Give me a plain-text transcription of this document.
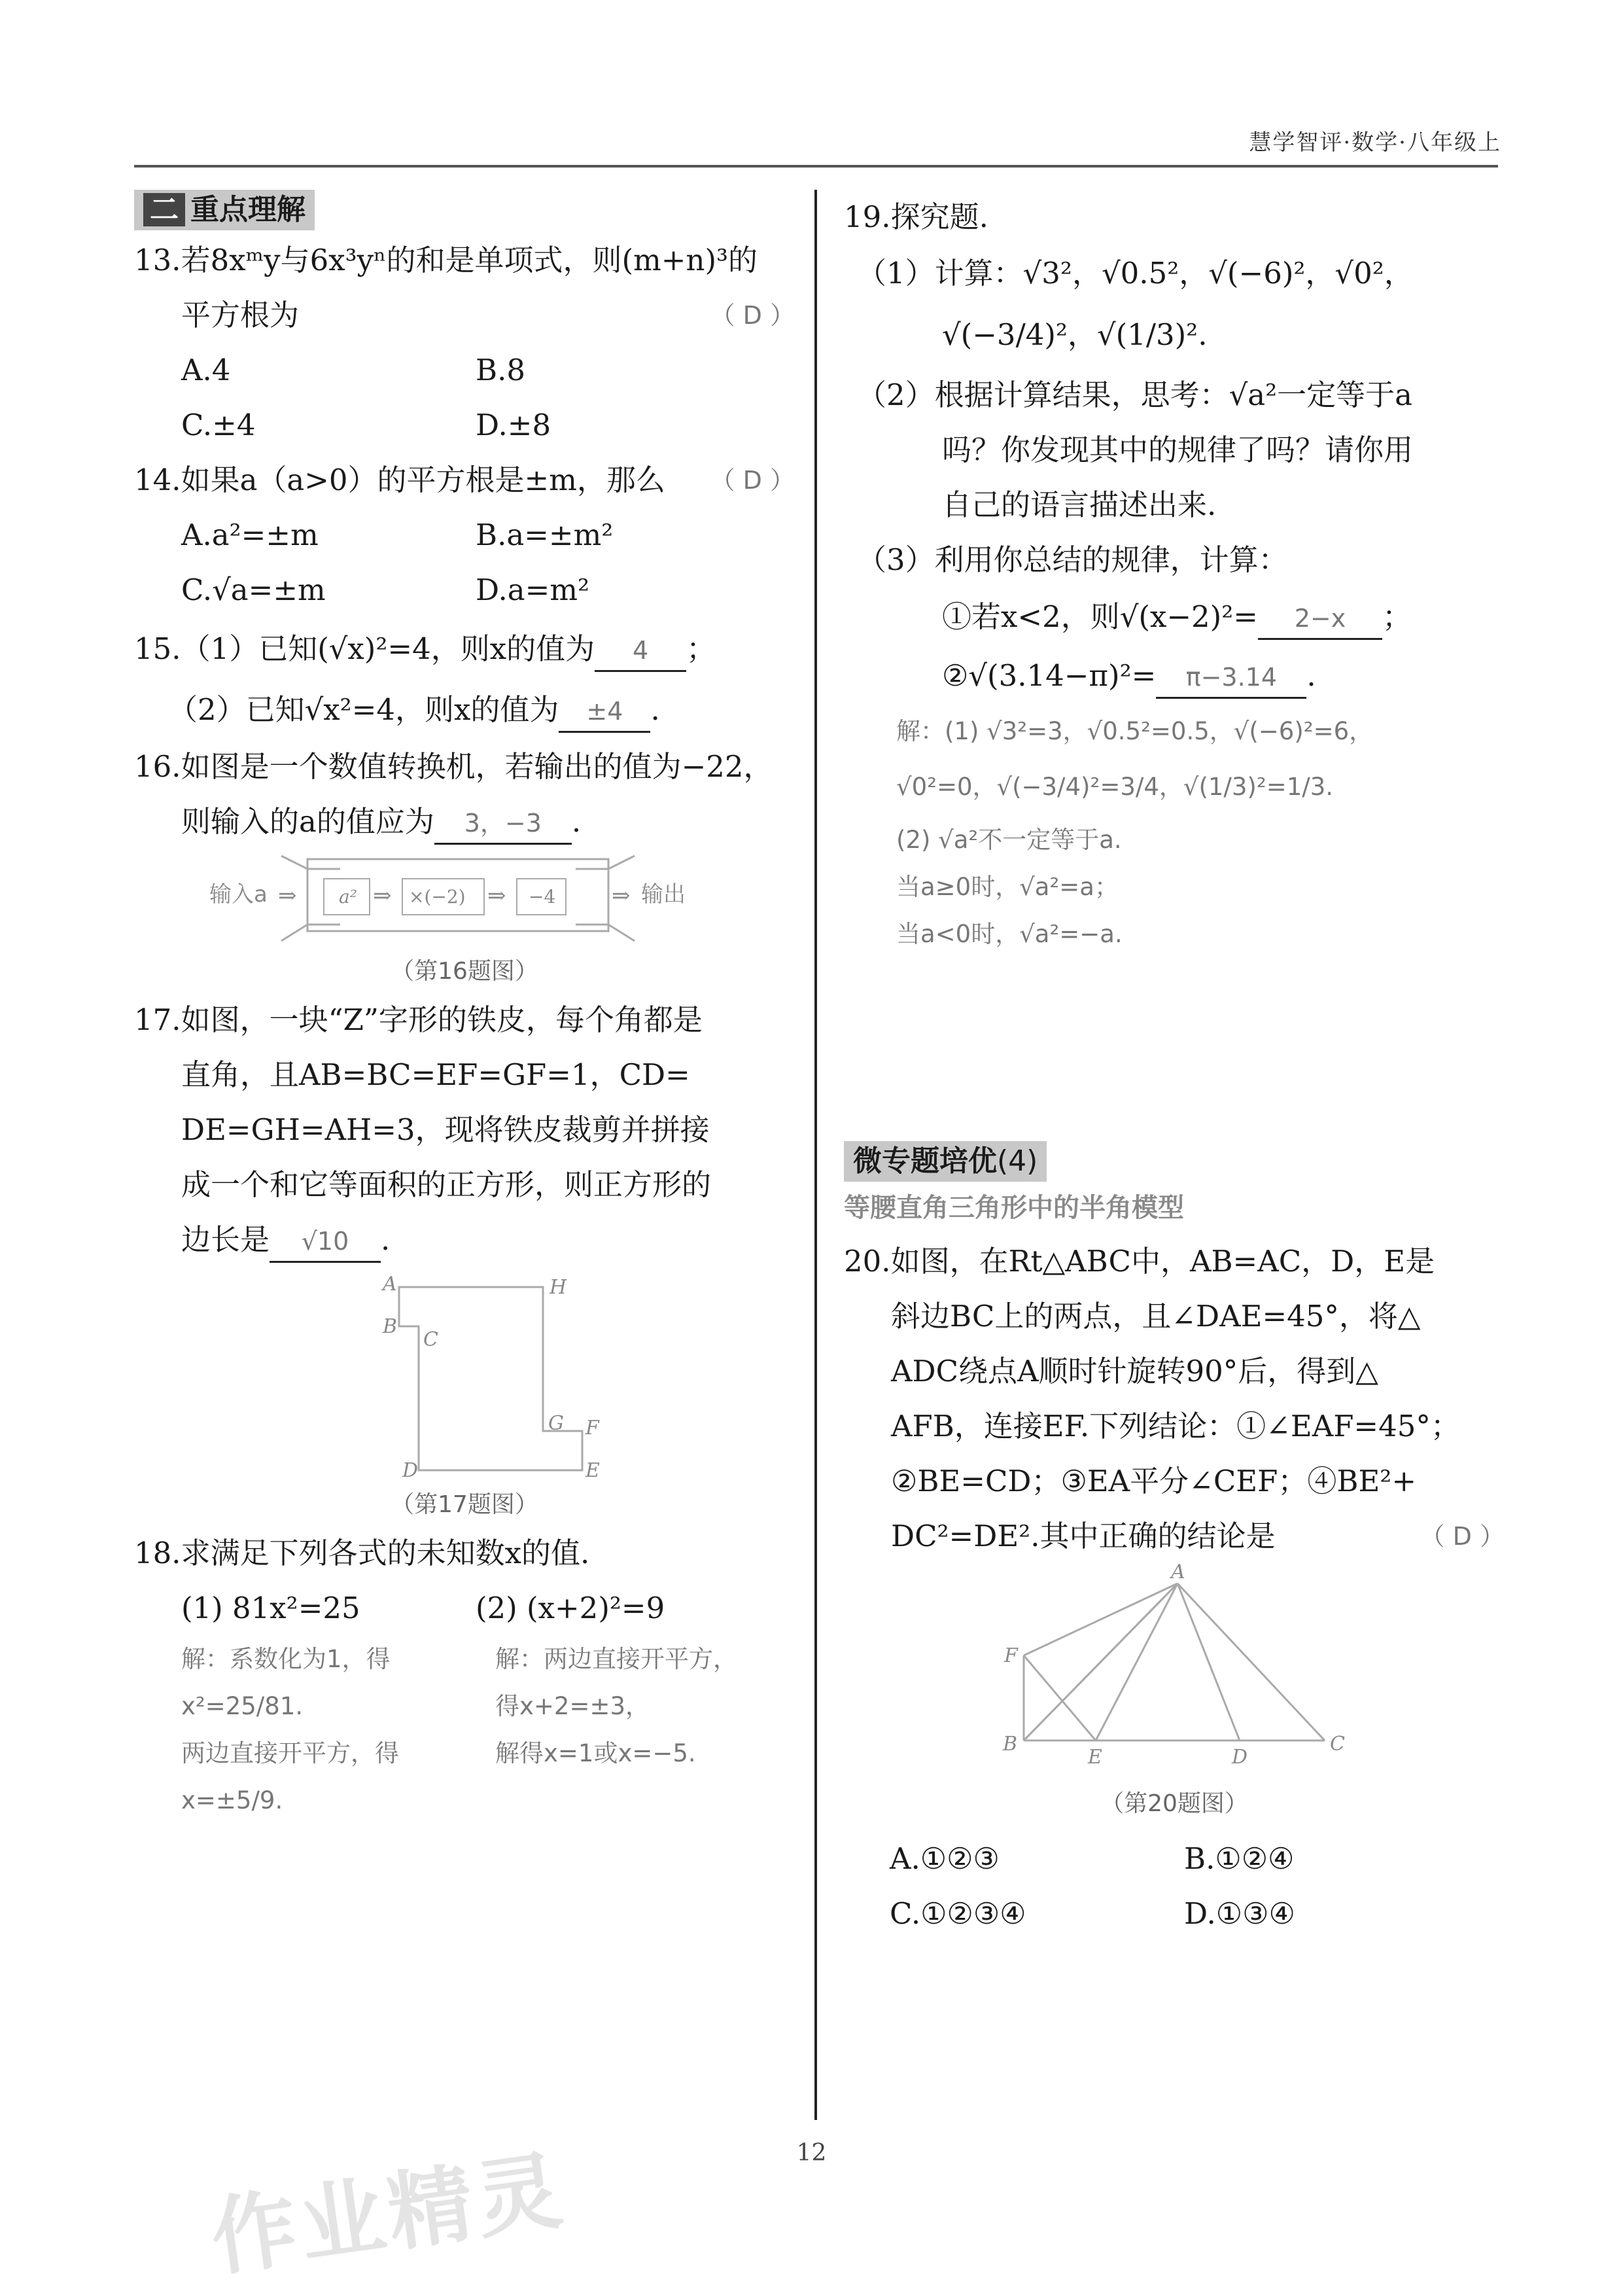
慧学智评·数学·八年级上
二 重点理解
13.若8xᵐy与6x³yⁿ的和是单项式，则(m+n)³的
平方根为	（ D ）
A.4	B.8
C.±4	D.±8
14.如果a（a>0）的平方根是±m，那么 （ D ）
A.a²=±m	B.a=±m²
C.√a=±m	D.a=m²
15.（1）已知(√x)²=4，则x的值为 4 ；
（2）已知√x²=4，则x的值为 ±4 .
16.如图是一个数值转换机，若输出的值为−22，
则输入的a的值应为 3，−3 .
输入a ⇒ a² ⇒ ×(−2) ⇒ −4	⇒ 输出
（第16题图）
17.如图，一块“Z”字形的铁皮，每个角都是
直角，且AB=BC=EF=GF=1，CD=
DE=GH=AH=3，现将铁皮裁剪并拼接
成一个和它等面积的正方形，则正方形的
边长是 √10 .
A	H
B
C
G F
D	E
（第17题图）
18.求满足下列各式的未知数x的值.
(1) 81x²=25	(2) (x+2)²=9
解：系数化为1，得
x²=25/81.
两边直接开平方，得
x=±5/9.
解：两边直接开平方，
得x+2=±3，
解得x=1或x=−5.
19.探究题.
（1）计算：√3²，√0.5²，√(−6)²，√0²，
√(−3/4)²，√(1/3)².
（2）根据计算结果，思考：√a²一定等于a
吗？你发现其中的规律了吗？请你用
自己的语言描述出来.
（3）利用你总结的规律，计算：
①若x<2，则√(x−2)²= 2−x ；
②√(3.14−π)²= π−3.14 .
解：(1) √3²=3，√0.5²=0.5，√(−6)²=6，
√0²=0，√(−3/4)²=3/4，√(1/3)²=1/3.
(2) √a²不一定等于a.
当a≥0时，√a²=a；
当a<0时，√a²=−a.
微专题培优(4)
等腰直角三角形中的半角模型
20.如图，在Rt△ABC中，AB=AC，D，E是
斜边BC上的两点，且∠DAE=45°，将△
ADC绕点A顺时针旋转90°后，得到△
AFB，连接EF.下列结论：①∠EAF=45°；
②BE=CD；③EA平分∠CEF；④BE²+
DC²=DE².其中正确的结论是	（ D ）
A
F
B
E	D
C
（第20题图）
A.①②③	B.①②④
C.①②③④	D.①③④
12
作业精灵
